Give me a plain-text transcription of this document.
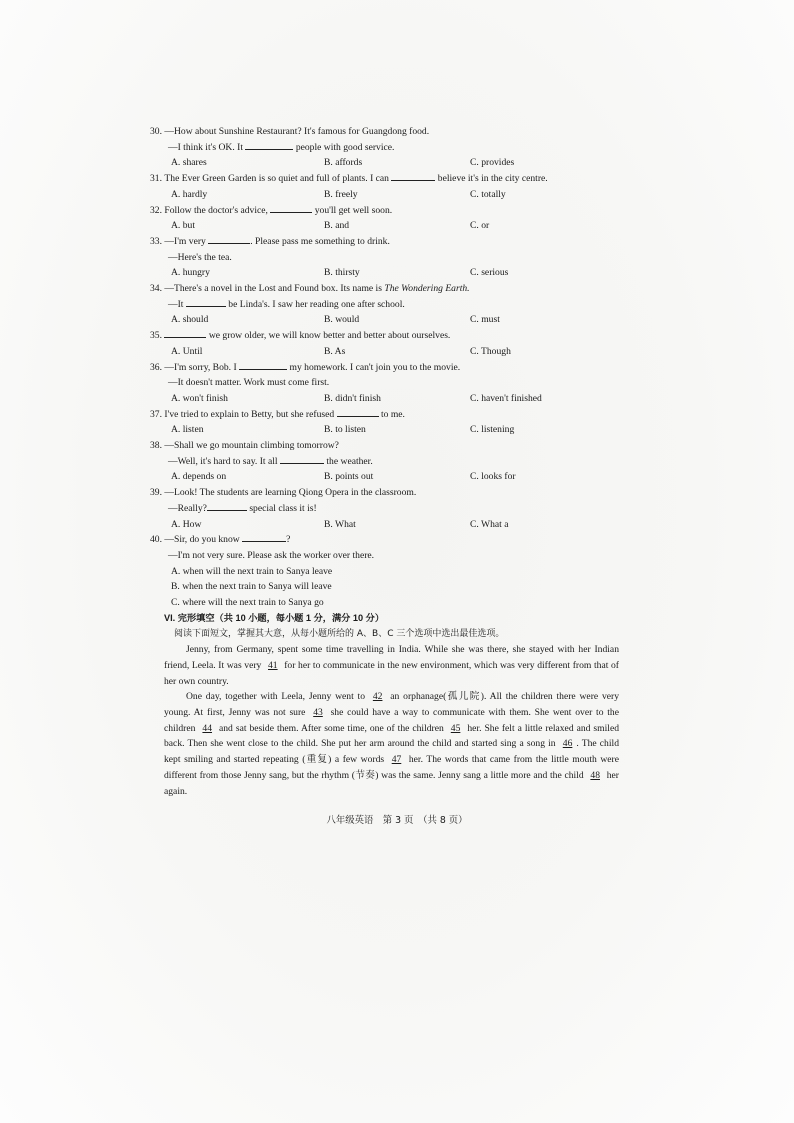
30.
—How about Sunshine Restaurant? It's famous for Guangdong food.
—I think it's OK. It

	people with good service.
A. shares	B. affords	C. provides
31.
The Ever Green Garden is so quiet and full of plants. I can

	believe it's in the city centre.
A. hardly	B. freely	C. totally
32.
Follow the doctor's advice,

	you'll get well soon.
A. but	B. and	C. or
33.
—I'm very
	. Please pass me something to drink.
—Here's the tea.
A. hungry	B. thirsty	C. serious
34.
—There's a novel in the Lost and Found box. Its name is
The Wondering Earth.
—It

	be Linda's. I saw her reading one after school.
A. should	B. would	C. must
35.

	we grow older, we will know better and better about ourselves.
A. Until	B. As	C. Though
36.
—I'm sorry, Bob. I

	my homework. I can't join you to the movie.
—It doesn't matter. Work must come first.
A. won't finish	B. didn't finish	C. haven't finished
37.
I've tried to explain to Betty, but she refused

	to me.
A. listen	B. to listen	C. listening
38.
—Shall we go mountain climbing tomorrow?
—Well, it's hard to say. It all

	the weather.
A. depends on	B. points out	C. looks for
39.
—Look! The students are learning Qiong Opera in the classroom.
—Really?
	special class it is!
A. How	B. What	C. What a
40.
—Sir, do you know
	?
—I'm not very sure. Please ask the worker over there.
A. when will the next train to Sanya leave
B. when the next train to Sanya will leave
C. where will the next train to Sanya go
VI. 完形填空（共 10 小题，每小题 1 分，满分 10 分）
阅读下面短文，掌握其大意，从每小题所给的 A、B、C 三个选项中选出最佳选项。

Jenny, from Germany, spent some time travelling in India. While she was there, she stayed with her Indian friend, Leela. It was very 41 for her to communicate in the new environment, which was very different from that of her own country.

One day, together with Leela, Jenny went to 42 an orphanage(孤儿院). All the children there were very young. At first, Jenny was not sure 43 she could have a way to communicate with them. She went over to the children 44 and sat beside them. After some time, one of the children 45 her. She felt a little relaxed and smiled back. Then she went close to the child. She put her arm around the child and started sing a song in 46 . The child kept smiling and started repeating (重复) a few words 47 her. The words that came from the little mouth were different from those Jenny sang, but the rhythm (节奏) was the same. Jenny sang a little more and the child 48 her again.

八年级英语　第 3 页　（共 8 页）
